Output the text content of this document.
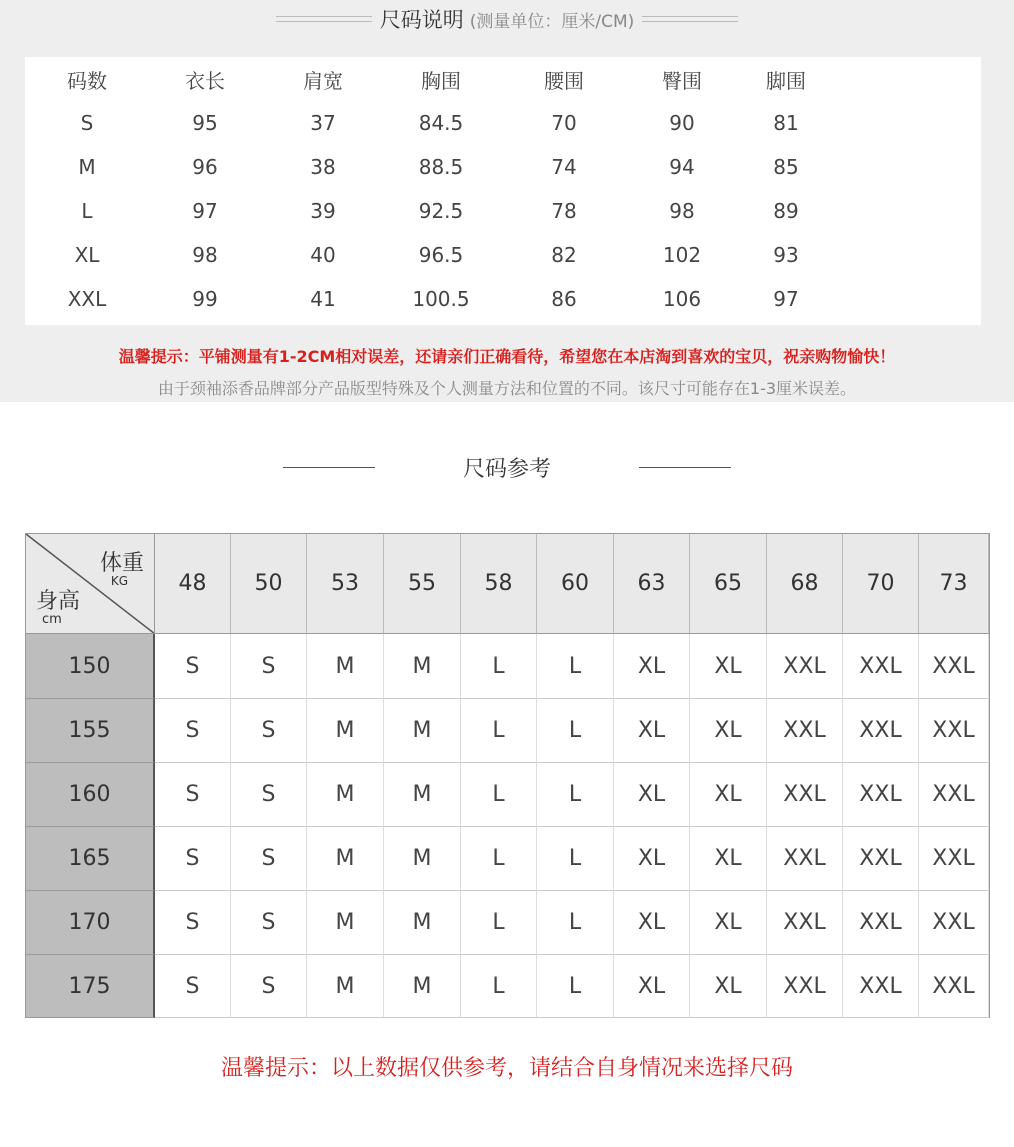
尺码说明 (测量单位：厘米/CM)
码数	衣长	肩宽	胸围	腰围	臀围	脚围
S	95	37	84.5	70	90	81
M	96	38	88.5	74	94	85
L	97	39	92.5	78	98	89
XL	98	40	96.5	82	102	93
XXL	99	41	100.5	86	106	97
温馨提示：平铺测量有1-2CM相对误差，还请亲们正确看待，希望您在本店淘到喜欢的宝贝，祝亲购物愉快！
由于颈袖添香品牌部分产品版型特殊及个人测量方法和位置的不同。该尺寸可能存在1-3厘米误差。
尺码参考
体重
KG
身高
cm
48	50	53	55	58	60	63	65	68	70	73
150	S	S	M	M	L	L	XL	XL	XXL	XXL	XXL
155	S	S	M	M	L	L	XL	XL	XXL	XXL	XXL
160	S	S	M	M	L	L	XL	XL	XXL	XXL	XXL
165	S	S	M	M	L	L	XL	XL	XXL	XXL	XXL
170	S	S	M	M	L	L	XL	XL	XXL	XXL	XXL
175	S	S	M	M	L	L	XL	XL	XXL	XXL	XXL
温馨提示：以上数据仅供参考，请结合自身情况来选择尺码
